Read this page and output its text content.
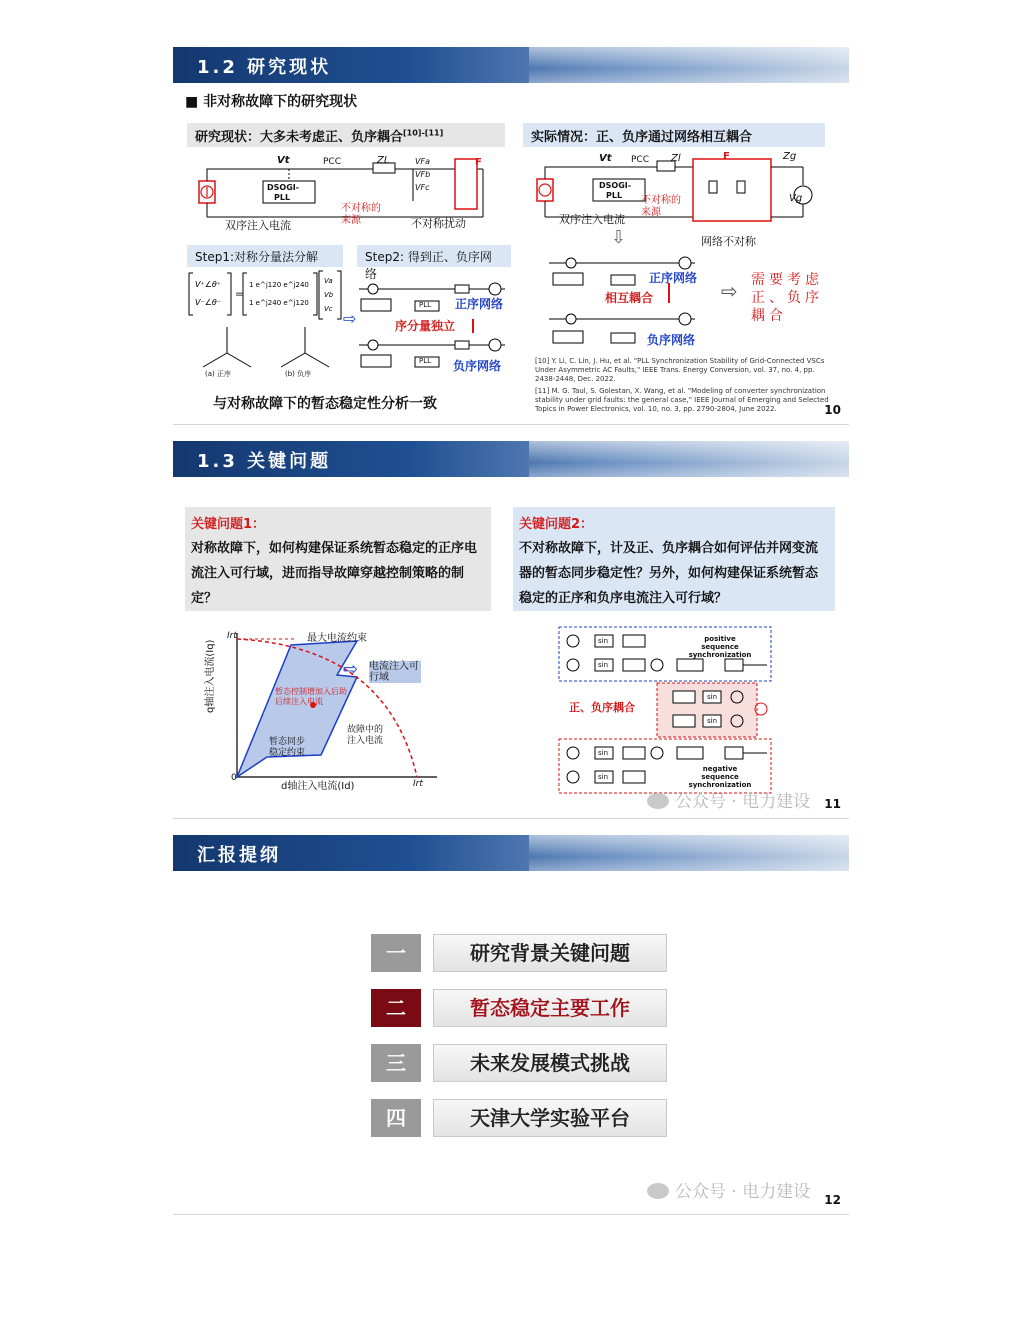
1.2 研究现状
■ 非对称故障下的研究现状
研究现状：大多未考虑正、负序耦合[10]-[11]	实际情况：正、负序通过网络相互耦合
Vt	PCC	ZL	VFa
VFb
VFc
F
DSOGI-
PLL
双序注入电流
不对称的来源	不对称扰动
Vt PCC Zl	F	Zg
Vg
DSOGI-
PLL
双序注入电流
不对称的来源
网络不对称
Step1:对称分量法分解	Step2: 得到正、负序网络
V⁺∠θ⁺
V⁻∠θ⁻
=
1 e^j120 e^j240
1 e^j240 e^j120
Va
Vb
Vc
(a) 正序	(b) 负序
⇨
PLL
PLL
正序网络
序分量独立
负序网络
⇩
正序网络
相互耦合
负序网络
⇨ 需要考虑正、负序耦合
与对称故障下的暂态稳定性分析一致
[10] Y. Li, C. Lin, J. Hu, et al. "PLL Synchronization Stability of Grid-Connected VSCs Under Asymmetric AC Faults," IEEE Trans. Energy Conversion, vol. 37, no. 4, pp. 2438-2448, Dec. 2022.
[11] M. G. Taul, S. Golestan, X. Wang, et al. "Modeling of converter synchronization stability under grid faults: the general case," IEEE Journal of Emerging and Selected Topics in Power Electronics, vol. 10, no. 3, pp. 2790-2804, June 2022.	10
1.3 关键问题
关键问题1：
对称故障下，如何构建保证系统暂态稳定的正序电流注入可行域，进而指导故障穿越控制策略的制定？
关键问题2：
不对称故障下，计及正、负序耦合如何评估并网变流器的暂态同步稳定性？另外，如何构建保证系统暂态稳定的正序和负序电流注入可行域？
最大电流约束
⇨ 电流注入可行域
暂态控制增加入后助后续注入电流
暂态同步稳定约束
故障中的注入电流
q轴注入电流(Iq)
d轴注入电流(Id)
Irt
Irt
0
sin
sin
positive sequence synchronization
正、负序耦合
sin
sin
sin
sin
negative sequence synchronization
公众号 · 电力建设 11
汇报提纲
一	研究背景关键问题
二	暂态稳定主要工作
三	未来发展模式挑战
四	天津大学实验平台
公众号 · 电力建设 12
